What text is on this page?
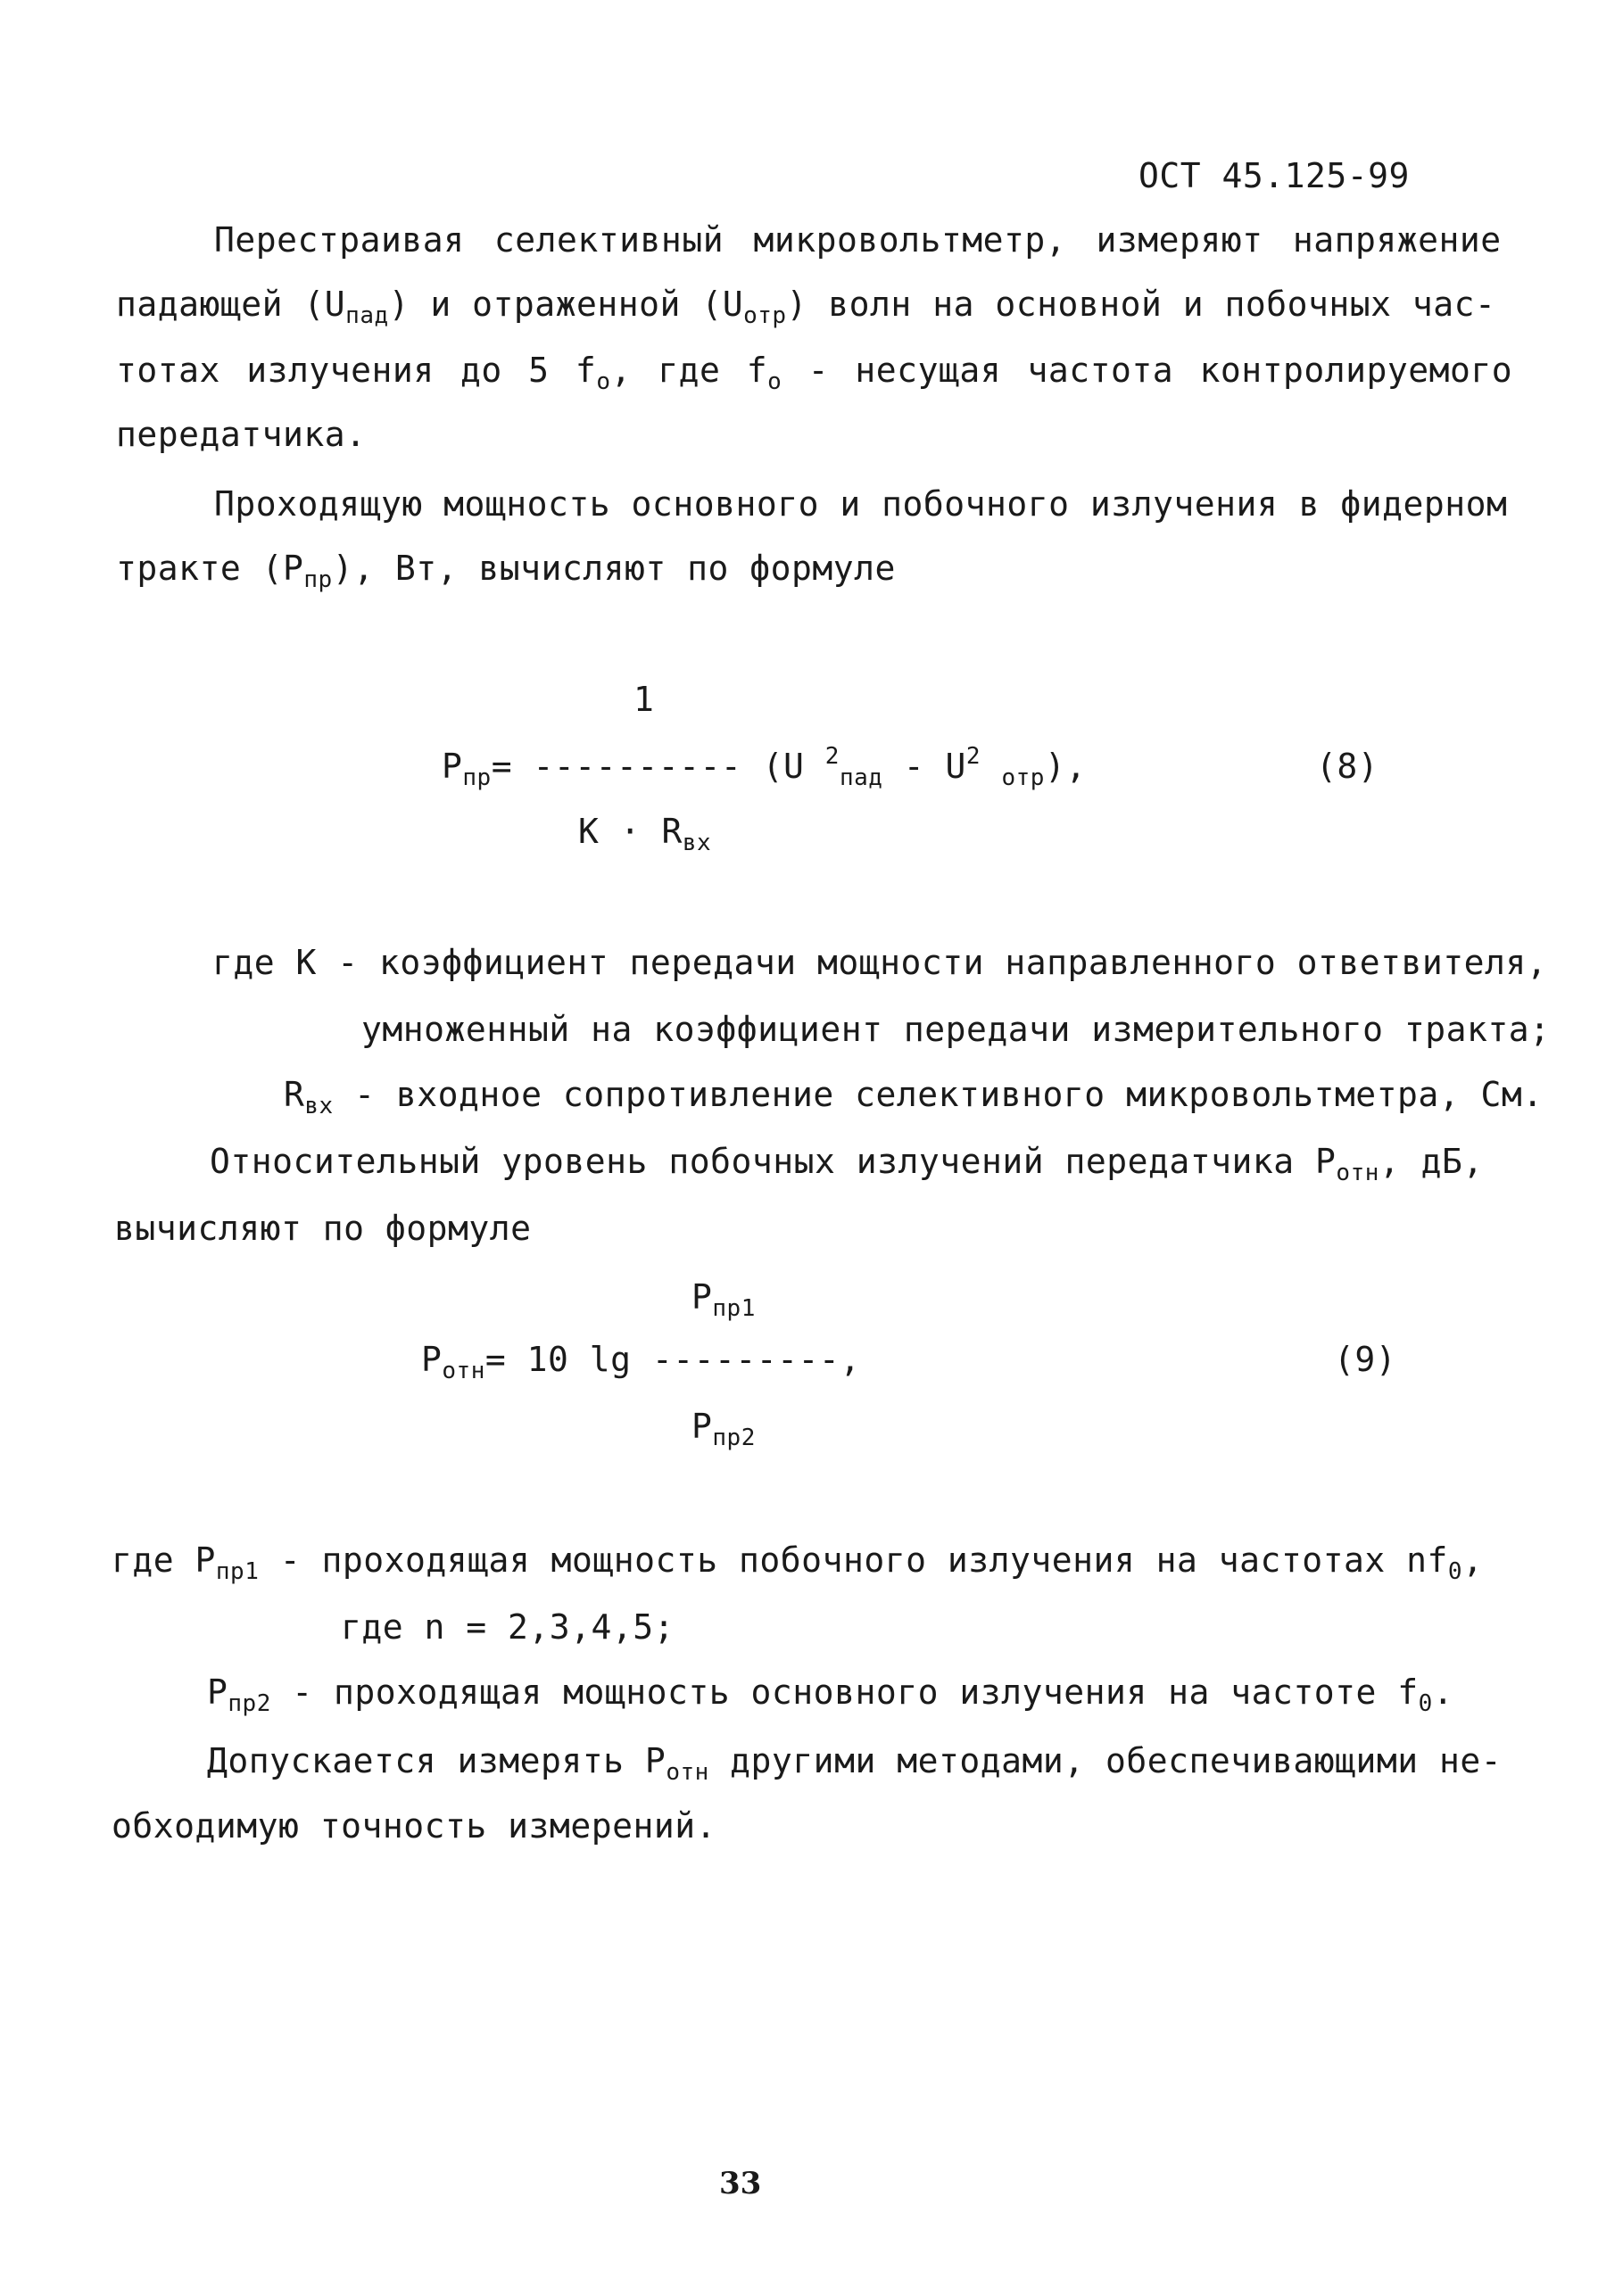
ОСТ 45.125-99
Перестраивая селективный микровольтметр, измеряют напряжение
падающей $(U_{пад})$ и отраженной $(U_{отр})$ волн на основной и побочных час-
тотах излучения до 5 $f_о$, где $f_о$ - несущая частота контролируемого
передатчика.
Проходящую мощность основного и побочного излучения в фидерном
тракте $(P_{пр})$, Вт, вычисляют по формуле
1
$P_{пр}=$ ---------- (U $^2_{пад} - U^2$ $_{отр}$),	(8)
$K \cdot R_{вх}$
где К - коэффициент передачи мощности направленного ответвителя,
умноженный на коэффициент передачи измерительного тракта;
$R_{вх}$ - входное сопротивление селективного микровольтметра, См.
Относительный уровень побочных излучений передатчика $P_{отн}$, дБ,
вычисляют по формуле
$P_{пр1}$
$P_{отн}= 10$ lg ---------,	(9)
$P_{пр2}$
где $P_{пр1}$ - проходящая мощность побочного излучения на частотах $nf_0$,
где n = 2,3,4,5;
$P_{пр2}$ - проходящая мощность основного излучения на частоте $f_0$.
Допускается измерять $P_{отн}$ другими методами, обеспечивающими не-
обходимую точность измерений.
33
